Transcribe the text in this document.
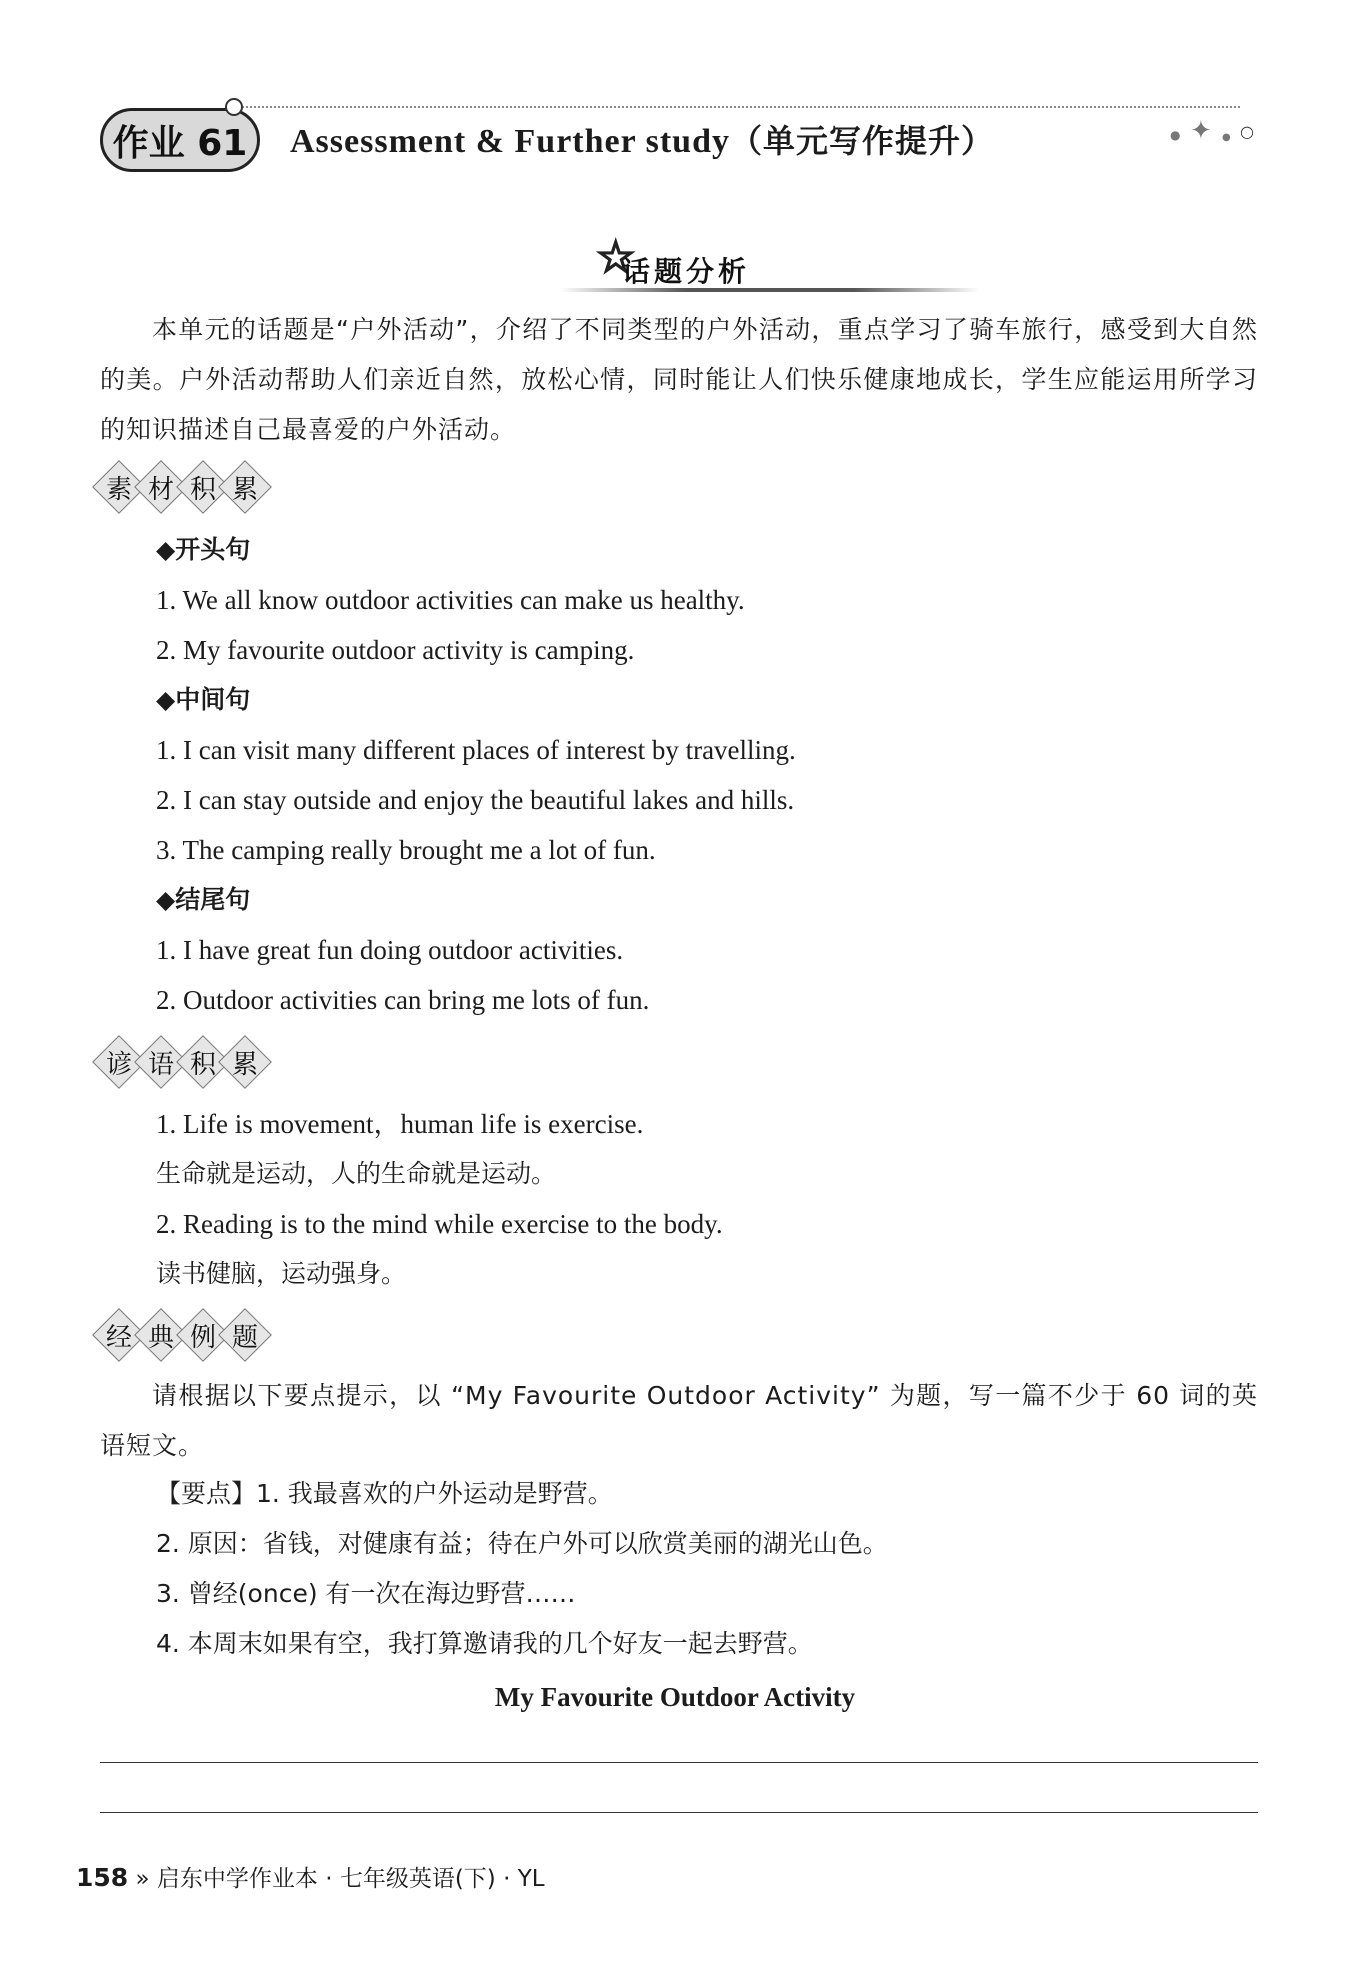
作业 61	Assessment & Further study（单元写作提升）	● ✦ ● ○
☆
话题分析
本单元的话题是“户外活动”，介绍了不同类型的户外活动，重点学习了骑车旅行，感受到大自然的美。户外活动帮助人们亲近自然，放松心情，同时能让人们快乐健康地成长，学生应能运用所学习的知识描述自己最喜爱的户外活动。
素 材 积 累
◆开头句
1. We all know outdoor activities can make us healthy.
2. My favourite outdoor activity is camping.
◆中间句
1. I can visit many different places of interest by travelling.
2. I can stay outside and enjoy the beautiful lakes and hills.
3. The camping really brought me a lot of fun.
◆结尾句
1. I have great fun doing outdoor activities.
2. Outdoor activities can bring me lots of fun.
谚 语 积 累
1. Life is movement，human life is exercise.
生命就是运动，人的生命就是运动。
2. Reading is to the mind while exercise to the body.
读书健脑，运动强身。
经 典 例 题
请根据以下要点提示，以 “My Favourite Outdoor Activity” 为题，写一篇不少于 60 词的英语短文。
【要点】1. 我最喜欢的户外运动是野营。
2. 原因：省钱，对健康有益；待在户外可以欣赏美丽的湖光山色。
3. 曾经(once) 有一次在海边野营……
4. 本周末如果有空，我打算邀请我的几个好友一起去野营。
My Favourite Outdoor Activity
158 » 启东中学作业本 · 七年级英语(下) · YL
